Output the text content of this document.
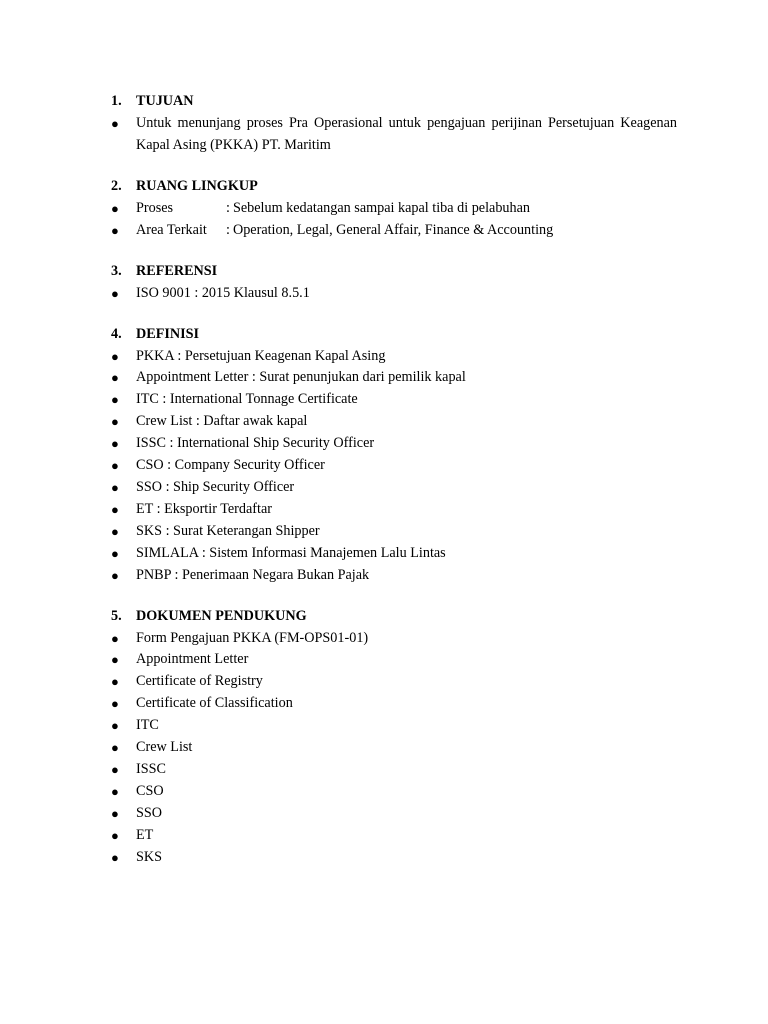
1.	TUJUAN
●	Untuk menunjang proses Pra Operasional untuk pengajuan perijinan Persetujuan Keagenan Kapal Asing (PKKA) PT. Maritim
2.	RUANG LINGKUP
●	Proses	: Sebelum kedatangan sampai kapal tiba di pelabuhan
●	Area Terkait	: Operation, Legal, General Affair, Finance & Accounting
3.	REFERENSI
●	ISO 9001 : 2015 Klausul 8.5.1
4.	DEFINISI
●	PKKA : Persetujuan Keagenan Kapal Asing
●	Appointment Letter : Surat penunjukan dari pemilik kapal
●	ITC : International Tonnage Certificate
●	Crew List : Daftar awak kapal
●	ISSC : International Ship Security Officer
●	CSO : Company Security Officer
●	SSO : Ship Security Officer
●	ET : Eksportir Terdaftar
●	SKS : Surat Keterangan Shipper
●	SIMLALA : Sistem Informasi Manajemen Lalu Lintas
●	PNBP : Penerimaan Negara Bukan Pajak
5.	DOKUMEN PENDUKUNG
●	Form Pengajuan PKKA (FM-OPS01-01)
●	Appointment Letter
●	Certificate of Registry
●	Certificate of Classification
●	ITC
●	Crew List
●	ISSC
●	CSO
●	SSO
●	ET
●	SKS
